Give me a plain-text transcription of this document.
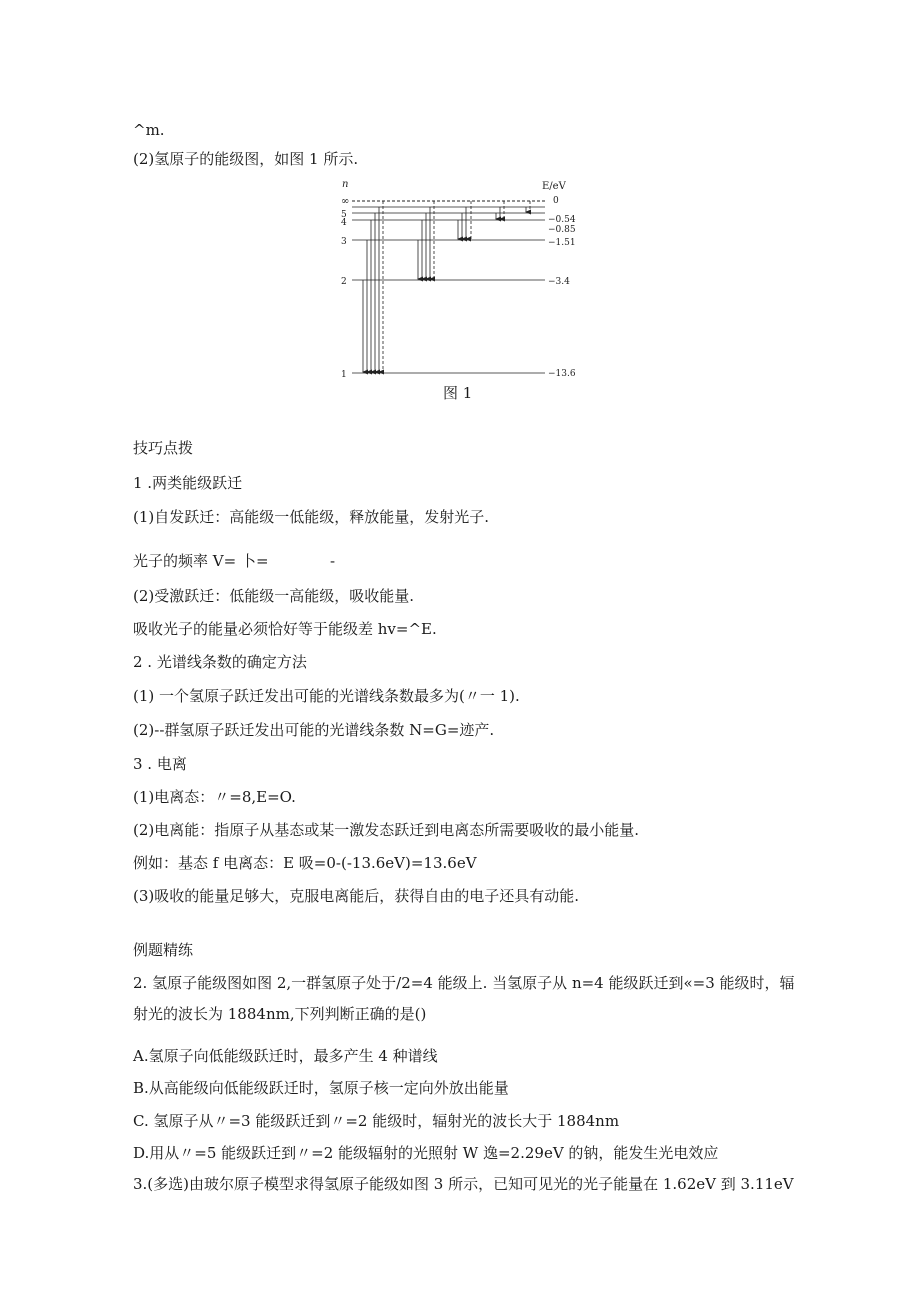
^m.
(2)氢原子的能级图，如图 1 所示.
n	E/eV
∞
5
4
3
2
1
0
−0.54
−0.85
−1.51
−3.4
−13.6
图 1
技巧点拨
1 .两类能级跃迁
(1)自发跃迁：高能级一低能级，释放能量，发射光子.
光子的频率 V= 卜=	-
(2)受激跃迁：低能级一高能级，吸收能量.
吸收光子的能量必须恰好等于能级差 hv=^E.
2 . 光谱线条数的确定方法
(1) 一个氢原子跃迁发出可能的光谱线条数最多为(〃一 1).
(2)--群氢原子跃迁发出可能的光谱线条数 N=G=迹产.
3 . 电离
(1)电离态：〃=8,E=O.
(2)电离能：指原子从基态或某一激发态跃迁到电离态所需要吸收的最小能量.
例如：基态 f 电离态：E 吸=0-(-13.6eV)=13.6eV
(3)吸收的能量足够大，克服电离能后，获得自由的电子还具有动能.
例题精练
2. 氢原子能级图如图 2,一群氢原子处于/2=4 能级上. 当氢原子从 n=4 能级跃迁到«=3 能级时，辐
射光的波长为 1884nm,下列判断正确的是()
A.氢原子向低能级跃迁时，最多产生 4 种谱线
B.从高能级向低能级跃迁时，氢原子核一定向外放出能量
C. 氢原子从〃=3 能级跃迁到〃=2 能级时，辐射光的波长大于 1884nm
D.用从〃=5 能级跃迁到〃=2 能级辐射的光照射 W 逸=2.29eV 的钠，能发生光电效应
3.(多选)由玻尔原子模型求得氢原子能级如图 3 所示，已知可见光的光子能量在 1.62eV 到 3.11eV
